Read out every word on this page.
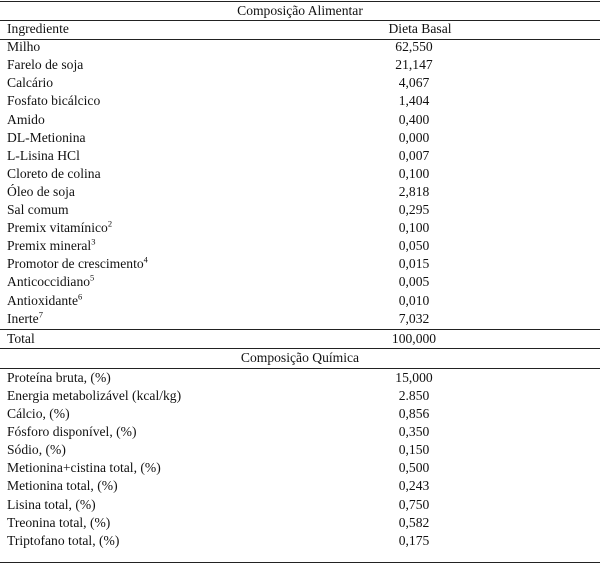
Composição Alimentar
Ingrediente	Dieta Basal
Milho	62,550
Farelo de soja	21,147
Calcário	4,067
Fosfato bicálcico	1,404
Amido	0,400
DL-Metionina	0,000
L-Lisina HCl	0,007
Cloreto de colina	0,100
Óleo de soja	2,818
Sal comum	0,295
Premix vitamínico$^2$	0,100
Premix mineral$^3$	0,050
Promotor de crescimento$^4$	0,015
Anticoccidiano$^5$	0,005
Antioxidante$^6$	0,010
Inerte$^7$	7,032
Total	100,000
Composição Química
Proteína bruta, (%)	15,000
Energia metabolizável (kcal/kg)	2.850
Cálcio, (%)	0,856
Fósforo disponível, (%)	0,350
Sódio, (%)	0,150
Metionina+cistina total, (%)	0,500
Metionina total, (%)	0,243
Lisina total, (%)	0,750
Treonina total, (%)	0,582
Triptofano total, (%)	0,175
